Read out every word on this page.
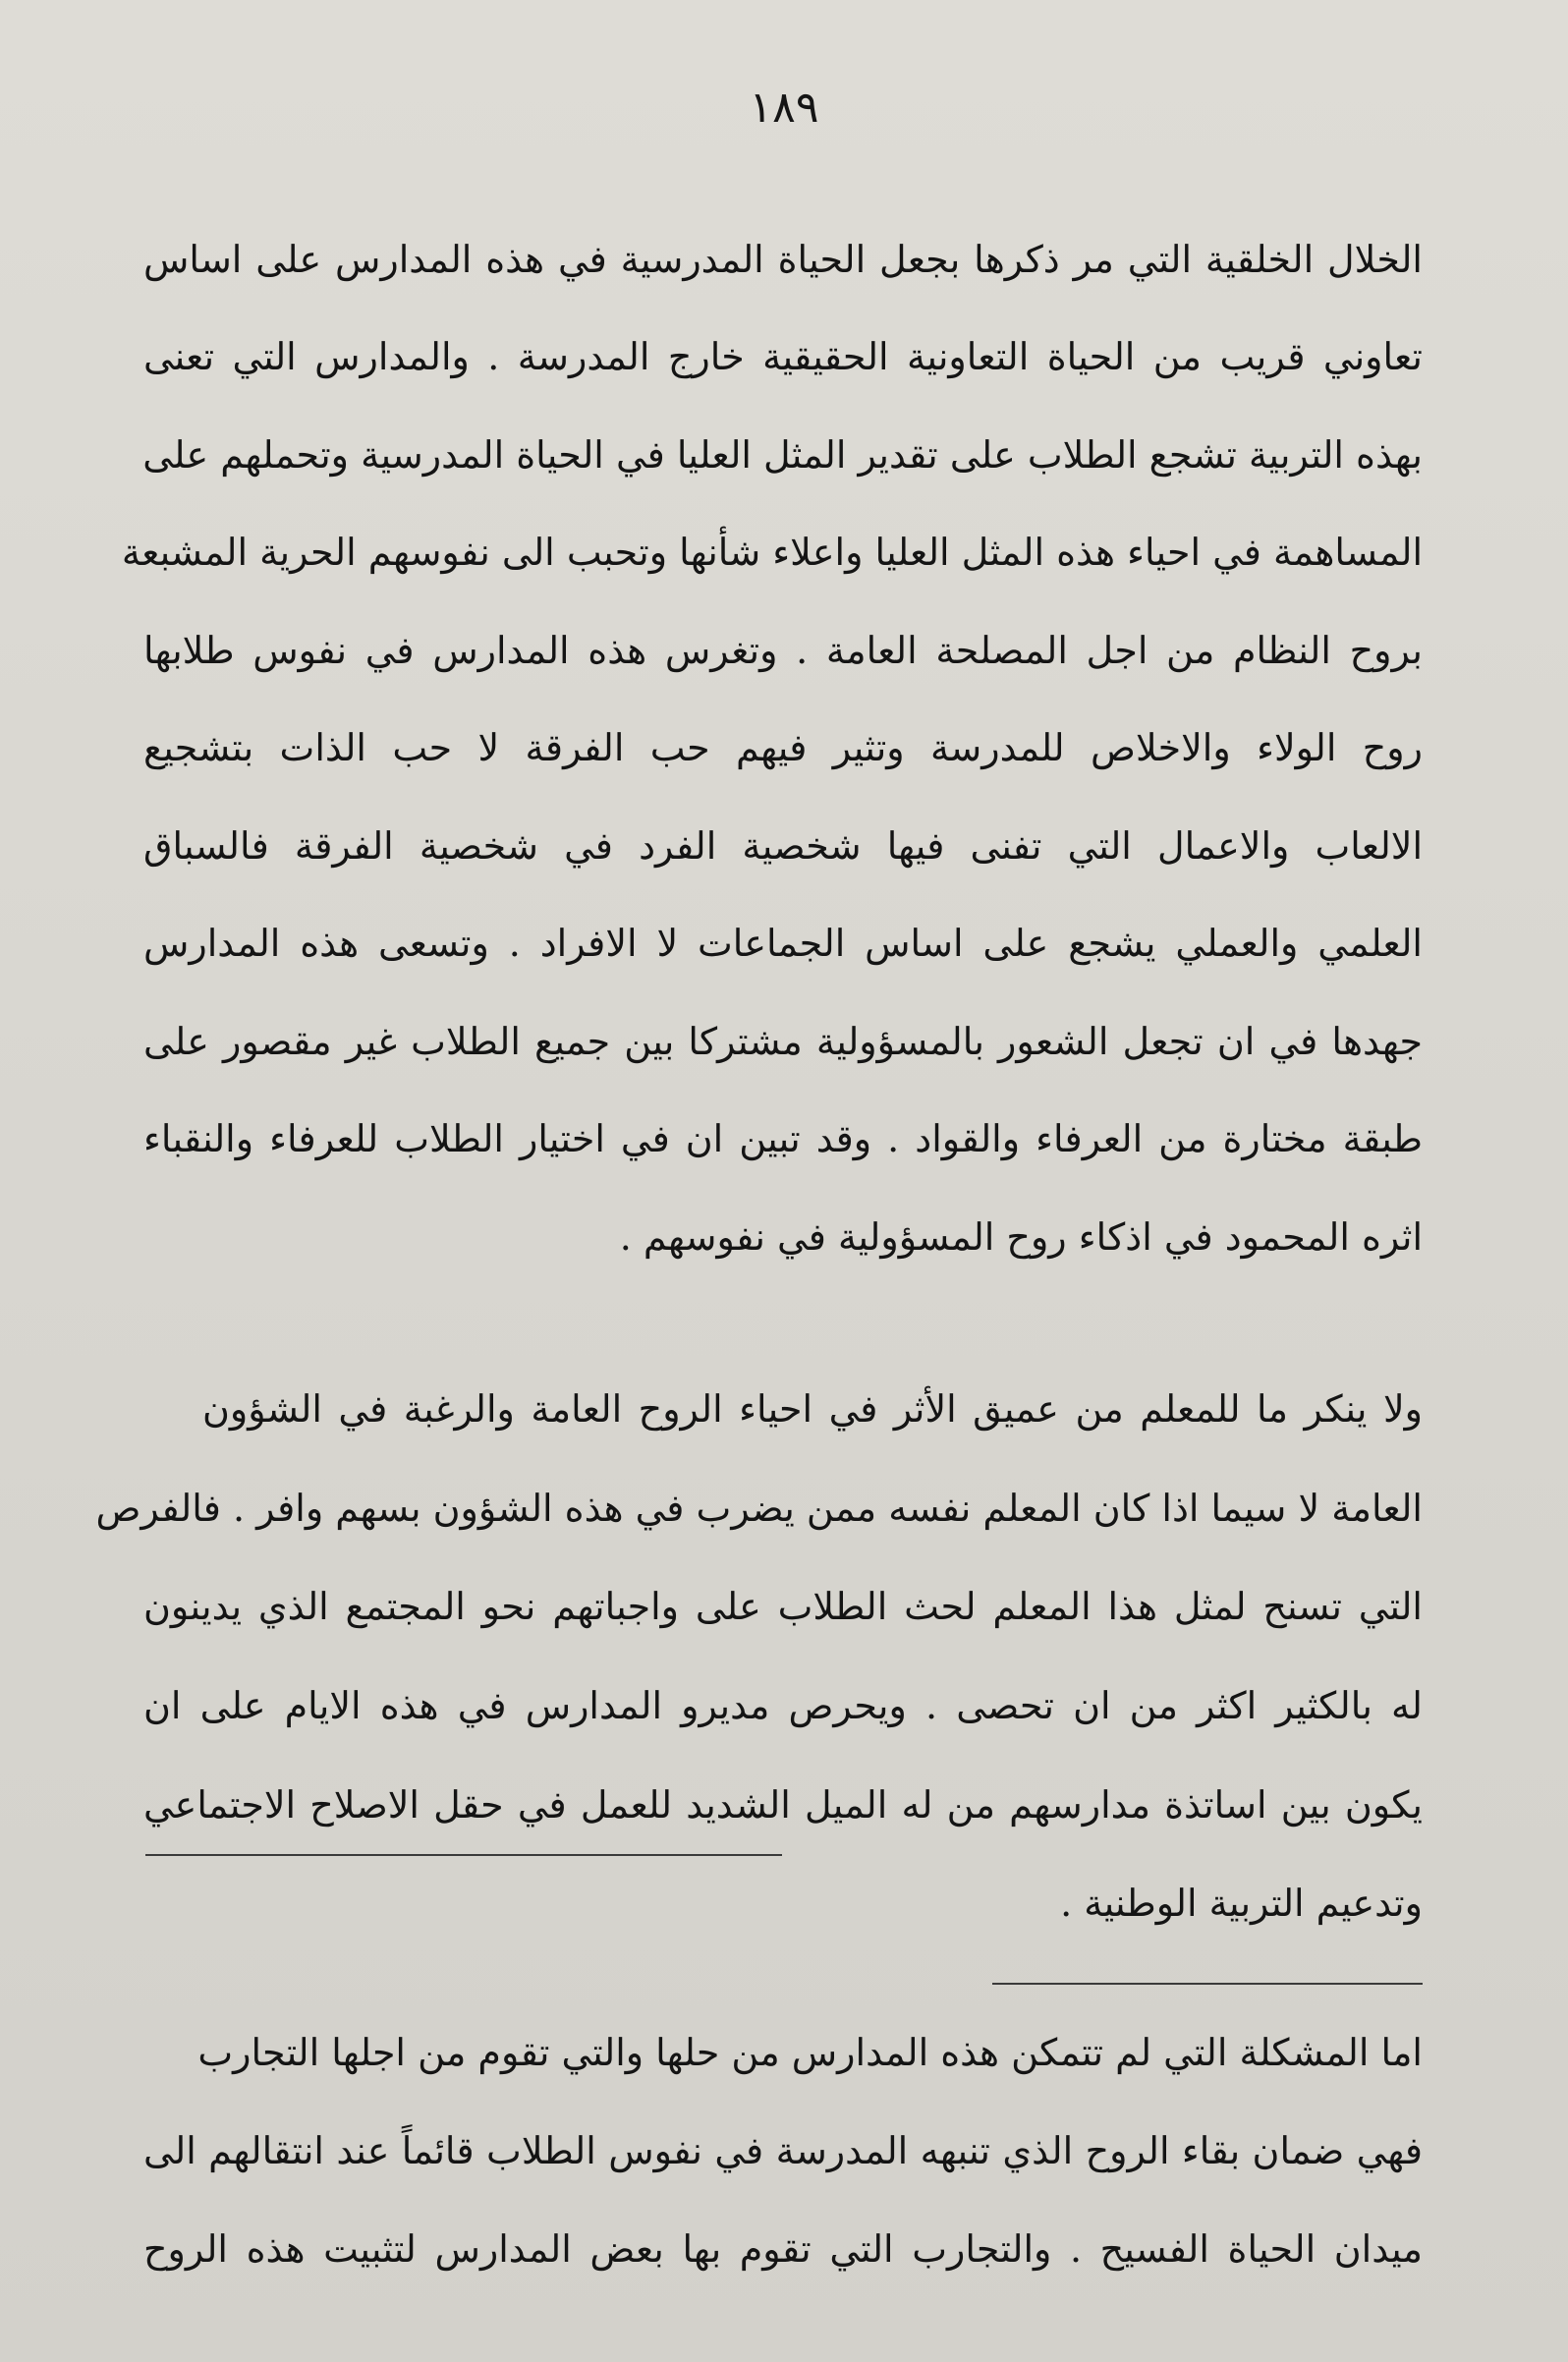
١٨٩
الخلال الخلقية التي مر ذكرها بجعل الحياة المدرسية في هذه المدارس على اساس
تعاوني قريب من الحياة التعاونية الحقيقية خارج المدرسة . والمدارس التي تعنى
بهذه التربية تشجع الطلاب على تقدير المثل العليا في الحياة المدرسية وتحملهم على
المساهمة في احياء هذه المثل العليا واعلاء شأنها وتحبب الى نفوسهم الحرية المشبعة
بروح النظام من اجل المصلحة العامة . وتغرس هذه المدارس في نفوس طلابها
روح الولاء والاخلاص للمدرسة وتثير فيهم حب الفرقة لا حب الذات بتشجيع
الالعاب والاعمال التي تفنى فيها شخصية الفرد في شخصية الفرقة فالسباق
العلمي والعملي يشجع على اساس الجماعات لا الافراد . وتسعى هذه المدارس
جهدها في ان تجعل الشعور بالمسؤولية مشتركا بين جميع الطلاب غير مقصور على
طبقة مختارة من العرفاء والقواد . وقد تبين ان في اختيار الطلاب للعرفاء والنقباء
اثره المحمود في اذكاء روح المسؤولية في نفوسهم .
ولا ينكر ما للمعلم من عميق الأثر في احياء الروح العامة والرغبة في الشؤون
العامة لا سيما اذا كان المعلم نفسه ممن يضرب في هذه الشؤون بسهم وافر . فالفرص
التي تسنح لمثل هذا المعلم لحث الطلاب على واجباتهم نحو المجتمع الذي يدينون
له بالكثير اكثر من ان تحصى . ويحرص مديرو المدارس في هذه الايام على ان
يكون بين اساتذة مدارسهم من له الميل الشديد للعمل في حقل الاصلاح الاجتماعي
وتدعيم التربية الوطنية .
اما المشكلة التي لم تتمكن هذه المدارس من حلها والتي تقوم من اجلها التجارب
فهي ضمان بقاء الروح الذي تنبهه المدرسة في نفوس الطلاب قائماً عند انتقالهم الى
ميدان الحياة الفسيح . والتجارب التي تقوم بها بعض المدارس لتثبيت هذه الروح
